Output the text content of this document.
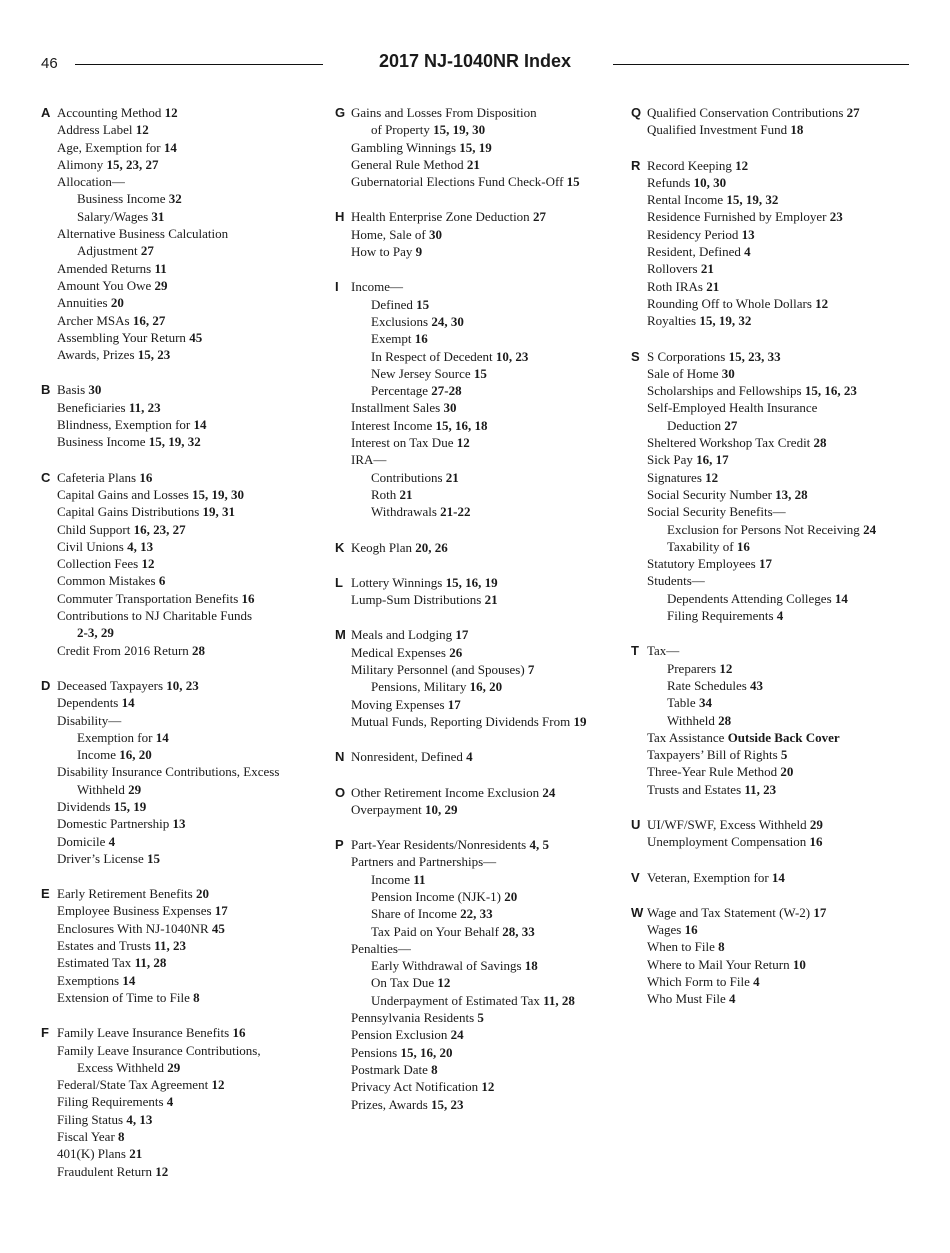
46	2017 NJ-1040NR Index
A Accounting Method 12
Address Label 12
Age, Exemption for 14
Alimony 15, 23, 27
Allocation—
Business Income 32
Salary/Wages 31
Alternative Business Calculation
Adjustment 27
Amended Returns 11
Amount You Owe 29
Annuities 20
Archer MSAs 16, 27
Assembling Your Return 45
Awards, Prizes 15, 23
B Basis 30
Beneficiaries 11, 23
Blindness, Exemption for 14
Business Income 15, 19, 32
C Cafeteria Plans 16
Capital Gains and Losses 15, 19, 30
Capital Gains Distributions 19, 31
Child Support 16, 23, 27
Civil Unions 4, 13
Collection Fees 12
Common Mistakes 6
Commuter Transportation Benefits 16
Contributions to NJ Charitable Funds
2-3, 29
Credit From 2016 Return 28
D Deceased Taxpayers 10, 23
Dependents 14
Disability—
Exemption for 14
Income 16, 20
Disability Insurance Contributions, Excess
Withheld 29
Dividends 15, 19
Domestic Partnership 13
Domicile 4
Driver’s License 15
E Early Retirement Benefits 20
Employee Business Expenses 17
Enclosures With NJ-1040NR 45
Estates and Trusts 11, 23
Estimated Tax 11, 28
Exemptions 14
Extension of Time to File 8
F Family Leave Insurance Benefits 16
Family Leave Insurance Contributions,
Excess Withheld 29
Federal/State Tax Agreement 12
Filing Requirements 4
Filing Status 4, 13
Fiscal Year 8
401(K) Plans 21
Fraudulent Return 12
G Gains and Losses From Disposition
of Property 15, 19, 30
Gambling Winnings 15, 19
General Rule Method 21
Gubernatorial Elections Fund Check-Off 15
H Health Enterprise Zone Deduction 27
Home, Sale of 30
How to Pay 9
I Income—
Defined 15
Exclusions 24, 30
Exempt 16
In Respect of Decedent 10, 23
New Jersey Source 15
Percentage 27-28
Installment Sales 30
Interest Income 15, 16, 18
Interest on Tax Due 12
IRA—
Contributions 21
Roth 21
Withdrawals 21-22
K Keogh Plan 20, 26
L Lottery Winnings 15, 16, 19
Lump-Sum Distributions 21
M Meals and Lodging 17
Medical Expenses 26
Military Personnel (and Spouses) 7
Pensions, Military 16, 20
Moving Expenses 17
Mutual Funds, Reporting Dividends From 19
N Nonresident, Defined 4
O Other Retirement Income Exclusion 24
Overpayment 10, 29
P Part-Year Residents/Nonresidents 4, 5
Partners and Partnerships—
Income 11
Pension Income (NJK-1) 20
Share of Income 22, 33
Tax Paid on Your Behalf 28, 33
Penalties—
Early Withdrawal of Savings 18
On Tax Due 12
Underpayment of Estimated Tax 11, 28
Pennsylvania Residents 5
Pension Exclusion 24
Pensions 15, 16, 20
Postmark Date 8
Privacy Act Notification 12
Prizes, Awards 15, 23
Q Qualified Conservation Contributions 27
Qualified Investment Fund 18
R Record Keeping 12
Refunds 10, 30
Rental Income 15, 19, 32
Residence Furnished by Employer 23
Residency Period 13
Resident, Defined 4
Rollovers 21
Roth IRAs 21
Rounding Off to Whole Dollars 12
Royalties 15, 19, 32
S S Corporations 15, 23, 33
Sale of Home 30
Scholarships and Fellowships 15, 16, 23
Self-Employed Health Insurance
Deduction 27
Sheltered Workshop Tax Credit 28
Sick Pay 16, 17
Signatures 12
Social Security Number 13, 28
Social Security Benefits—
Exclusion for Persons Not Receiving 24
Taxability of 16
Statutory Employees 17
Students—
Dependents Attending Colleges 14
Filing Requirements 4
T Tax—
Preparers 12
Rate Schedules 43
Table 34
Withheld 28
Tax Assistance Outside Back Cover
Taxpayers’ Bill of Rights 5
Three-Year Rule Method 20
Trusts and Estates 11, 23
U UI/WF/SWF, Excess Withheld 29
Unemployment Compensation 16
V Veteran, Exemption for 14
W Wage and Tax Statement (W-2) 17
Wages 16
When to File 8
Where to Mail Your Return 10
Which Form to File 4
Who Must File 4
